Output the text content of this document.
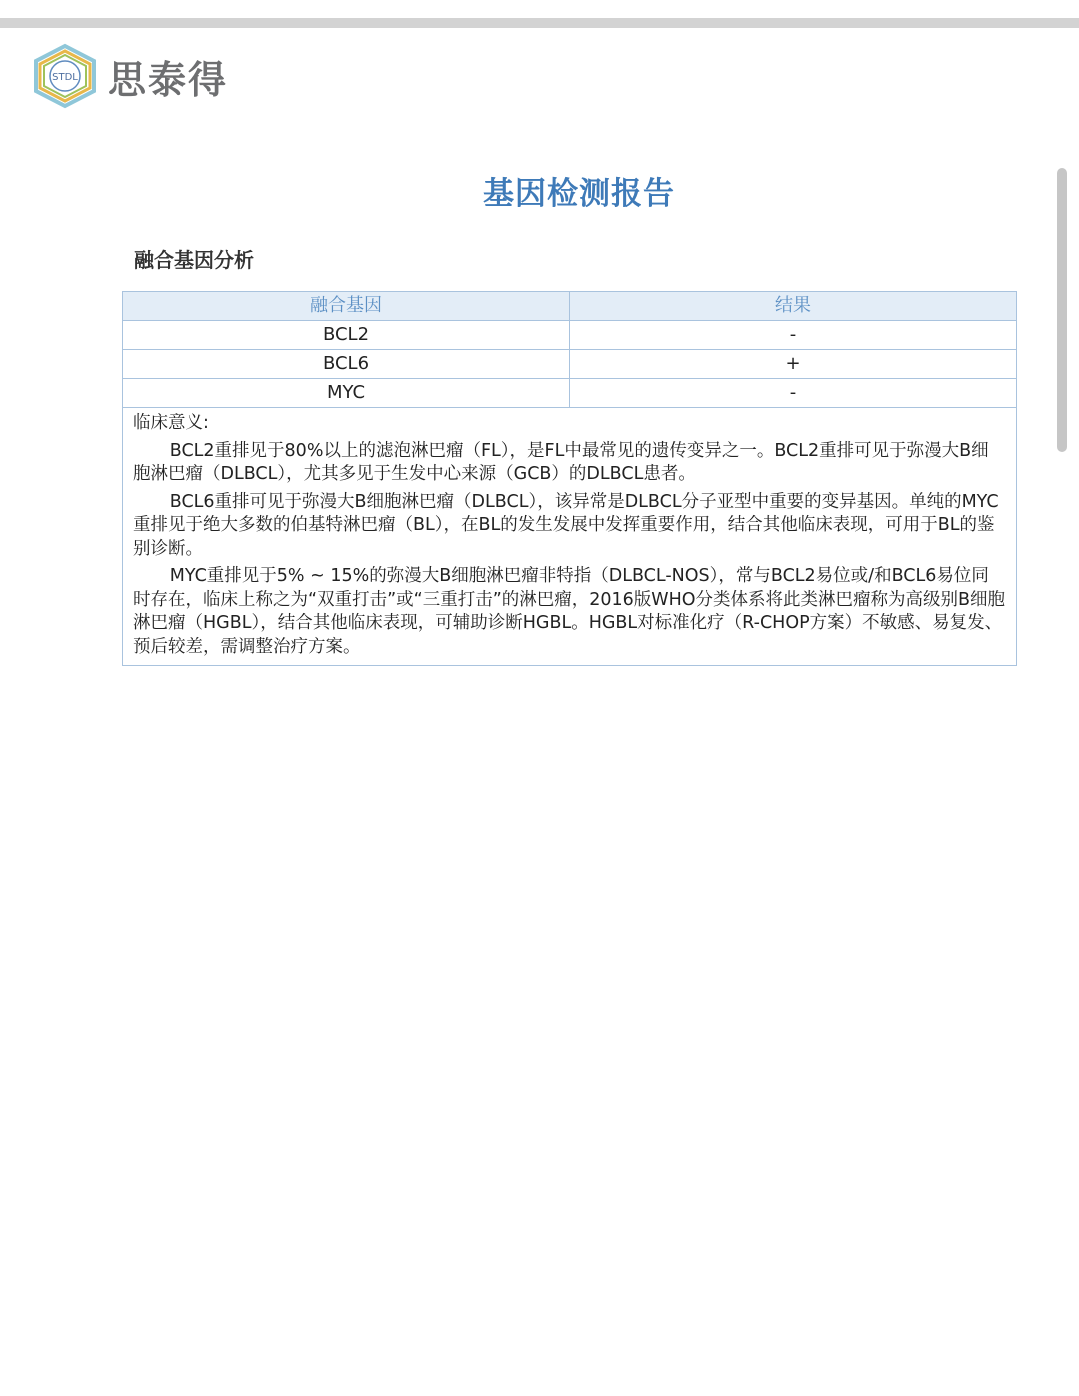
STDL 思泰得
基因检测报告
融合基因分析
融合基因	结果
BCL2	-
BCL6	+
MYC	-

临床意义:
BCL2重排见于80%以上的滤泡淋巴瘤（FL），是FL中最常见的遗传变异之一。BCL2重排可见于弥漫大B细胞淋巴瘤（DLBCL），尤其多见于生发中心来源（GCB）的DLBCL患者。
BCL6重排可见于弥漫大B细胞淋巴瘤（DLBCL），该异常是DLBCL分子亚型中重要的变异基因。单纯的MYC重排见于绝大多数的伯基特淋巴瘤（BL），在BL的发生发展中发挥重要作用，结合其他临床表现，可用于BL的鉴别诊断。
MYC重排见于5% ~ 15%的弥漫大B细胞淋巴瘤非特指（DLBCL-NOS），常与BCL2易位或/和BCL6易位同时存在，临床上称之为“双重打击”或“三重打击”的淋巴瘤，2016版WHO分类体系将此类淋巴瘤称为高级别B细胞淋巴瘤（HGBL），结合其他临床表现，可辅助诊断HGBL。HGBL对标准化疗（R-CHOP方案）不敏感、易复发、预后较差，需调整治疗方案。	
